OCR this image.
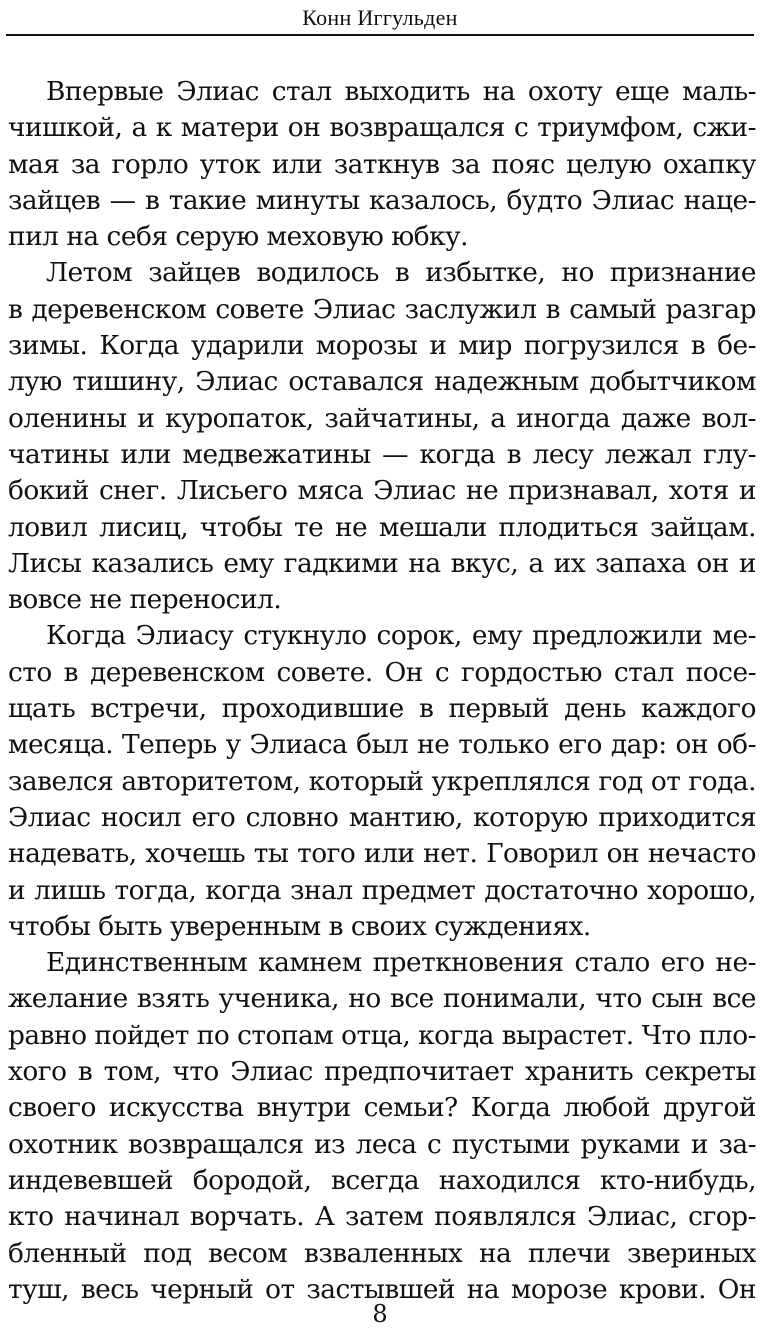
Конн Иггульден
Впервые Элиас стал выходить на охоту еще маль-
чишкой, а к матери он возвращался с триумфом, сжи-
мая за горло уток или заткнув за пояс целую охапку
зайцев — в такие минуты казалось, будто Элиас наце-
пил на себя серую меховую юбку.
Летом зайцев водилось в избытке, но признание
в деревенском совете Элиас заслужил в самый разгар
зимы. Когда ударили морозы и мир погрузился в бе-
лую тишину, Элиас оставался надежным добытчиком
оленины и куропаток, зайчатины, а иногда даже вол-
чатины или медвежатины — когда в лесу лежал глу-
бокий снег. Лисьего мяса Элиас не признавал, хотя и
ловил лисиц, чтобы те не мешали плодиться зайцам.
Лисы казались ему гадкими на вкус, а их запаха он и
вовсе не переносил.
Когда Элиасу стукнуло сорок, ему предложили ме-
сто в деревенском совете. Он с гордостью стал посе-
щать встречи, проходившие в первый день каждого
месяца. Теперь у Элиаса был не только его дар: он об-
завелся авторитетом, который укреплялся год от года.
Элиас носил его словно мантию, которую приходится
надевать, хочешь ты того или нет. Говорил он нечасто
и лишь тогда, когда знал предмет достаточно хорошо,
чтобы быть уверенным в своих суждениях.
Единственным камнем преткновения стало его не-
желание взять ученика, но все понимали, что сын все
равно пойдет по стопам отца, когда вырастет. Что пло-
хого в том, что Элиас предпочитает хранить секреты
своего искусства внутри семьи? Когда любой другой
охотник возвращался из леса с пустыми руками и за-
индевевшей бородой, всегда находился кто-нибудь,
кто начинал ворчать. А затем появлялся Элиас, сгор-
бленный под весом взваленных на плечи звериных
туш, весь черный от застывшей на морозе крови. Он
8
